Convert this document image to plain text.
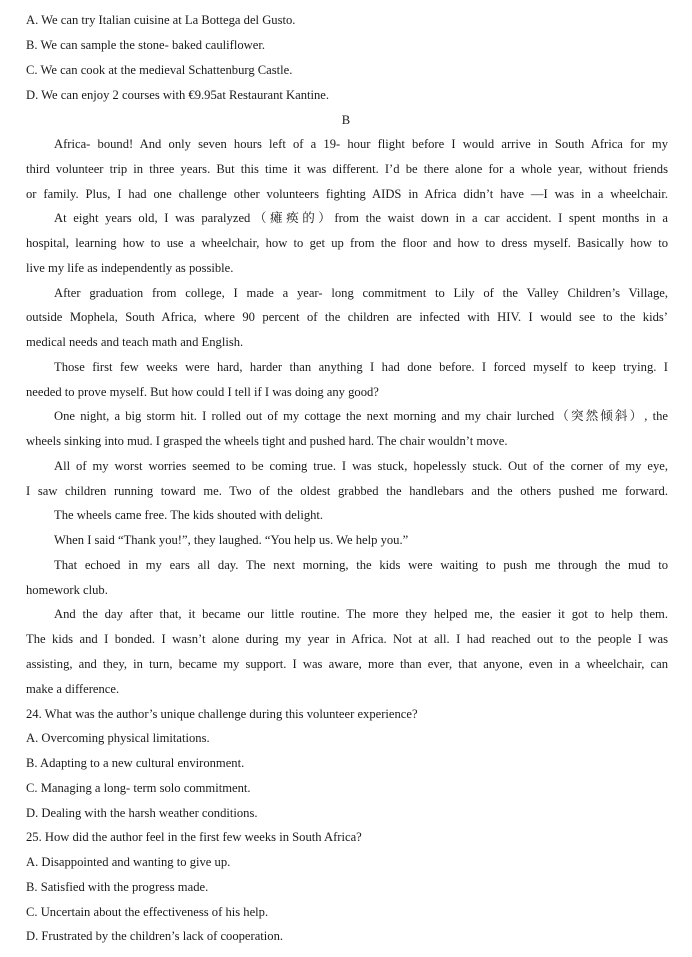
A. We can try Italian cuisine at La Bottega del Gusto.
B. We can sample the stone- baked cauliflower.
C. We can cook at the medieval Schattenburg Castle.
D. We can enjoy 2 courses with €9.95at Restaurant Kantine.
B
Africa- bound! And only seven hours left of a 19- hour flight before I would arrive in South Africa for my
third volunteer trip in three years. But this time it was different. I’d be there alone for a whole year, without friends
or family. Plus, I had one challenge other volunteers fighting AIDS in Africa didn’t have —I was in a wheelchair.
At eight years old, I was paralyzed（瘫痪的）from the waist down in a car accident. I spent months in a
hospital, learning how to use a wheelchair, how to get up from the floor and how to dress myself. Basically how to
live my life as independently as possible.
After graduation from college, I made a year- long commitment to Lily of the Valley Children’s Village,
outside Mophela, South Africa, where 90 percent of the children are infected with HIV. I would see to the kids’
medical needs and teach math and English.
Those first few weeks were hard, harder than anything I had done before. I forced myself to keep trying. I
needed to prove myself. But how could I tell if I was doing any good?
One night, a big storm hit. I rolled out of my cottage the next morning and my chair lurched（突然倾斜）, the
wheels sinking into mud. I grasped the wheels tight and pushed hard. The chair wouldn’t move.
All of my worst worries seemed to be coming true. I was stuck, hopelessly stuck. Out of the corner of my eye,
I saw children running toward me. Two of the oldest grabbed the handlebars and the others pushed me forward.
The wheels came free. The kids shouted with delight.
When I said “Thank you!”, they laughed. “You help us. We help you.”
That echoed in my ears all day. The next morning, the kids were waiting to push me through the mud to
homework club.
And the day after that, it became our little routine. The more they helped me, the easier it got to help them.
The kids and I bonded. I wasn’t alone during my year in Africa. Not at all. I had reached out to the people I was
assisting, and they, in turn, became my support. I was aware, more than ever, that anyone, even in a wheelchair, can
make a difference.
24. What was the author’s unique challenge during this volunteer experience?
A. Overcoming physical limitations.
B. Adapting to a new cultural environment.
C. Managing a long- term solo commitment.
D. Dealing with the harsh weather conditions.
25. How did the author feel in the first few weeks in South Africa?
A. Disappointed and wanting to give up.
B. Satisfied with the progress made.
C. Uncertain about the effectiveness of his help.
D. Frustrated by the children’s lack of cooperation.
